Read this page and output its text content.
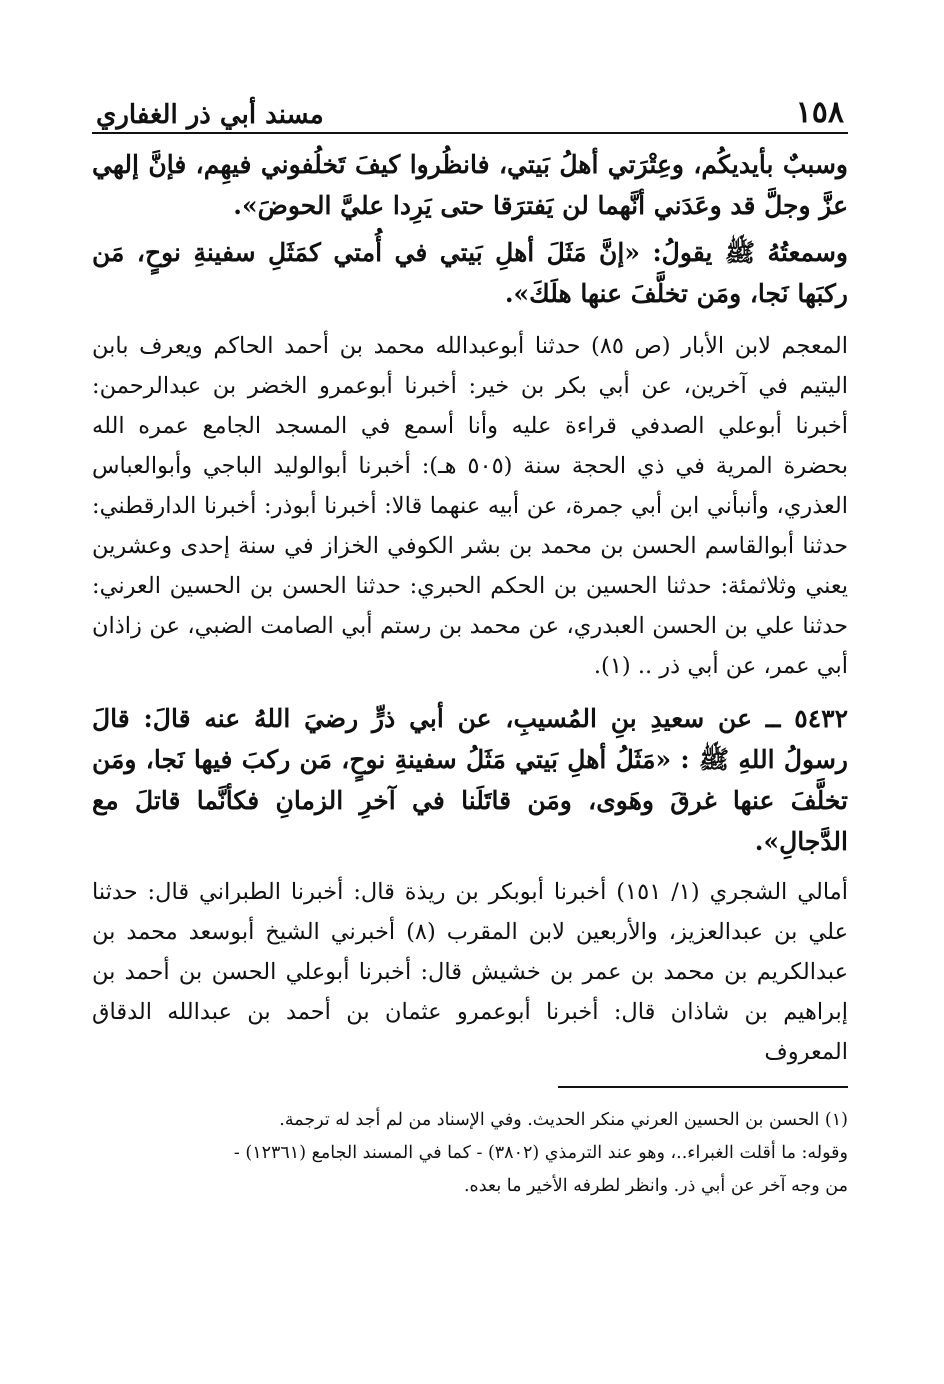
١٥٨
مسند أبي ذر الغفاري

وسببٌ بأيديكُم، وعِتْرَتي أهلُ بَيتي، فانظُروا كيفَ تَخلُفوني فيهِم، فإنَّ إلهي عزَّ وجلَّ قد وعَدَني أنَّهما لن يَفترَقا حتى يَرِدا عليَّ الحوضَ».

وسمعتُهُ ﷺ يقولُ: «إنَّ مَثَلَ أهلِ بَيتي في أُمتي كمَثَلِ سفينةِ نوحٍ، مَن ركبَها نَجا، ومَن تخلَّفَ عنها هلَكَ».

المعجم لابن الأبار (ص ٨٥) حدثنا أبوعبدالله محمد بن أحمد الحاكم ويعرف بابن اليتيم في آخرين، عن أبي بكر بن خير: أخبرنا أبوعمرو الخضر بن عبدالرحمن: أخبرنا أبوعلي الصدفي قراءة عليه وأنا أسمع في المسجد الجامع عمره الله بحضرة المرية في ذي الحجة سنة (٥٠٥ هـ): أخبرنا أبوالوليد الباجي وأبوالعباس العذري، وأنبأني ابن أبي جمرة، عن أبيه عنهما قالا: أخبرنا أبوذر: أخبرنا الدارقطني: حدثنا أبوالقاسم الحسن بن محمد بن بشر الكوفي الخزاز في سنة إحدى وعشرين يعني وثلاثمئة: حدثنا الحسين بن الحكم الحبري: حدثنا الحسن بن الحسين العرني: حدثنا علي بن الحسن العبدري، عن محمد بن رستم أبي الصامت الضبي، عن زاذان أبي عمر، عن أبي ذر .. (١).

٥٤٣٢ ــ عن سعيدِ بنِ المُسيبِ، عن أبي ذرٍّ رضيَ اللهُ عنه قالَ: قالَ رسولُ اللهِ ﷺ : «مَثَلُ أهلِ بَيتي مَثَلُ سفينةِ نوحٍ، مَن ركبَ فيها نَجا، ومَن تخلَّفَ عنها غرقَ وهَوى، ومَن قاتَلَنا في آخرِ الزمانِ فكأنَّما قاتلَ مع الدَّجالِ».

أمالي الشجري (١/ ١٥١) أخبرنا أبوبكر بن ريذة قال: أخبرنا الطبراني قال: حدثنا علي بن عبدالعزيز، والأربعين لابن المقرب (٨) أخبرني الشيخ أبوسعد محمد بن عبدالكريم بن محمد بن عمر بن خشيش قال: أخبرنا أبوعلي الحسن بن أحمد بن إبراهيم بن شاذان قال: أخبرنا أبوعمرو عثمان بن أحمد بن عبدالله الدقاق المعروف

(١) الحسن بن الحسين العرني منكر الحديث. وفي الإسناد من لم أجد له ترجمة.
وقوله: ما أقلت الغبراء..، وهو عند الترمذي (٣٨٠٢) - كما في المسند الجامع (١٢٣٦١) -
من وجه آخر عن أبي ذر. وانظر لطرفه الأخير ما بعده.
